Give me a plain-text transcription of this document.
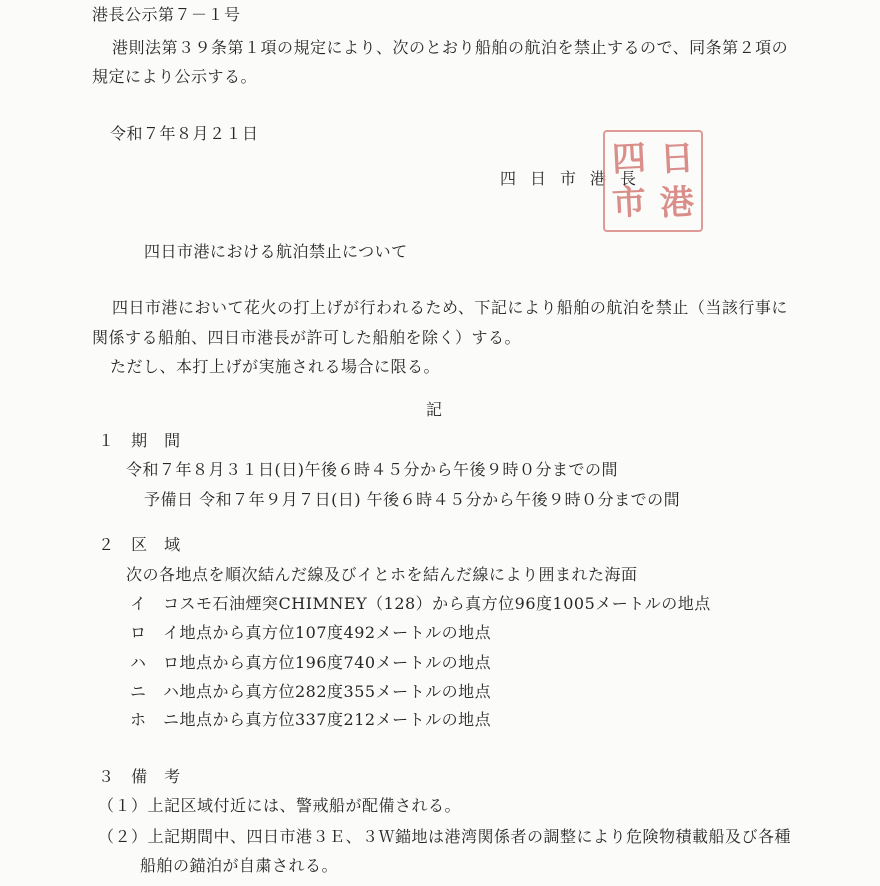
港長公示第７－１号
港則法第３９条第１項の規定により、次のとおり船舶の航泊を禁止するので、同条第２項の
規定により公示する。
令和７年８月２１日
四日市港長
四 日
市 港
四日市港における航泊禁止について
四日市港において花火の打上げが行われるため、下記により船舶の航泊を禁止（当該行事に
関係する船舶、四日市港長が許可した船舶を除く）する。
ただし、本打上げが実施される場合に限る。
記
１ 期 間
令和７年８月３１日(日)午後６時４５分から午後９時０分までの間
予備日 令和７年９月７日(日) 午後６時４５分から午後９時０分までの間
２ 区 域
次の各地点を順次結んだ線及びイとホを結んだ線により囲まれた海面
イ コスモ石油煙突CHIMNEY（128）から真方位96度1005メートルの地点
ロ イ地点から真方位107度492メートルの地点
ハ ロ地点から真方位196度740メートルの地点
ニ ハ地点から真方位282度355メートルの地点
ホ ニ地点から真方位337度212メートルの地点
３ 備 考
（１）上記区域付近には、警戒船が配備される。
（２）上記期間中、四日市港３Ｅ、３Ｗ錨地は港湾関係者の調整により危険物積載船及び各種
船舶の錨泊が自粛される。
